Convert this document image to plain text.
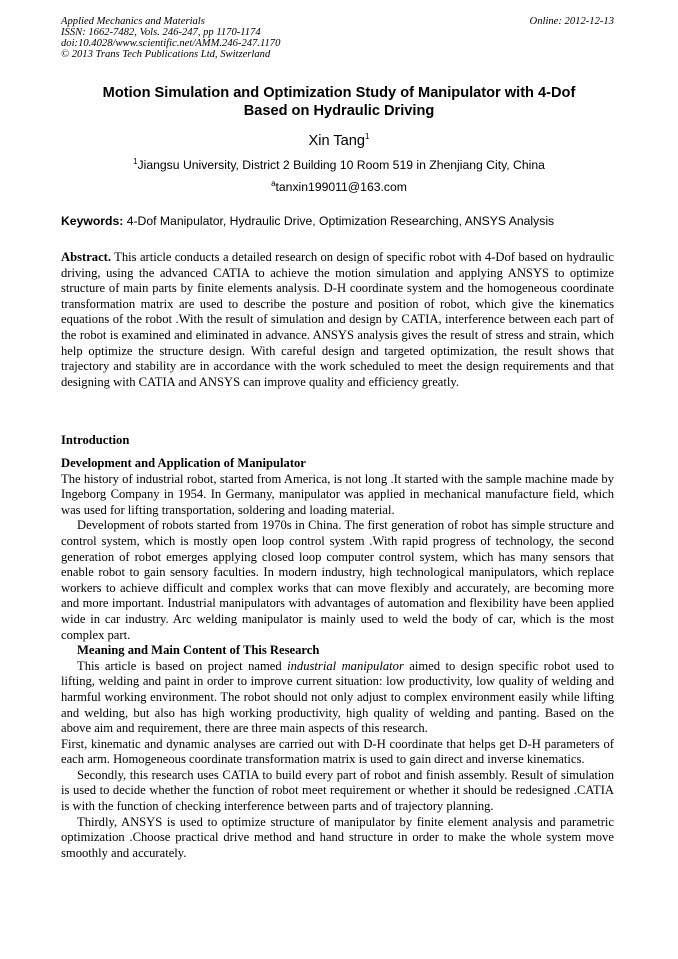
Applied Mechanics and Materials
ISSN: 1662-7482, Vols. 246-247, pp 1170-1174
doi:10.4028/www.scientific.net/AMM.246-247.1170
© 2013 Trans Tech Publications Ltd, Switzerland
Online: 2012-12-13
Motion Simulation and Optimization Study of Manipulator with 4-Dof
Based on Hydraulic Driving
Xin Tang$^1$
$^1$Jiangsu University, District 2 Building 10 Room 519 in Zhenjiang City, China
$^a$tanxin199011@163.com
Keywords: 4-Dof Manipulator, Hydraulic Drive, Optimization Researching, ANSYS Analysis

Abstract. This article conducts a detailed research on design of specific robot with 4-Dof based on hydraulic driving, using the advanced CATIA to achieve the motion simulation and applying ANSYS to optimize structure of main parts by finite elements analysis. D-H coordinate system and the homogeneous coordinate transformation matrix are used to describe the posture and position of robot, which give the kinematics equations of the robot .With the result of simulation and design by CATIA, interference between each part of the robot is examined and eliminated in advance. ANSYS analysis gives the result of stress and strain, which help optimize the structure design. With careful design and targeted optimization, the result shows that trajectory and stability are in accordance with the work scheduled to meet the design requirements and that designing with CATIA and ANSYS can improve quality and efficiency greatly.

Introduction

Development and Application of Manipulator

The history of industrial robot, started from America, is not long .It started with the sample machine made by Ingeborg Company in 1954. In Germany, manipulator was applied in mechanical manufacture field, which was used for lifting transportation, soldering and loading material.

Development of robots started from 1970s in China. The first generation of robot has simple structure and control system, which is mostly open loop control system .With rapid progress of technology, the second generation of robot emerges applying closed loop computer control system, which has many sensors that enable robot to gain sensory faculties. In modern industry, high technological manipulators, which replace workers to achieve difficult and complex works that can move flexibly and accurately, are becoming more and more important. Industrial manipulators with advantages of automation and flexibility have been applied wide in car industry. Arc welding manipulator is mainly used to weld the body of car, which is the most complex part.

Meaning and Main Content of This Research

This article is based on project named industrial manipulator aimed to design specific robot used to lifting, welding and paint in order to improve current situation: low productivity, low quality of welding and harmful working environment. The robot should not only adjust to complex environment easily while lifting and welding, but also has high working productivity, high quality of welding and panting. Based on the above aim and requirement, there are three main aspects of this research.

First, kinematic and dynamic analyses are carried out with D-H coordinate that helps get D-H parameters of each arm. Homogeneous coordinate transformation matrix is used to gain direct and inverse kinematics.

Secondly, this research uses CATIA to build every part of robot and finish assembly. Result of simulation is used to decide whether the function of robot meet requirement or whether it should be redesigned .CATIA is with the function of checking interference between parts and of trajectory planning.

Thirdly, ANSYS is used to optimize structure of manipulator by finite element analysis and parametric optimization .Choose practical drive method and hand structure in order to make the whole system move smoothly and accurately.
